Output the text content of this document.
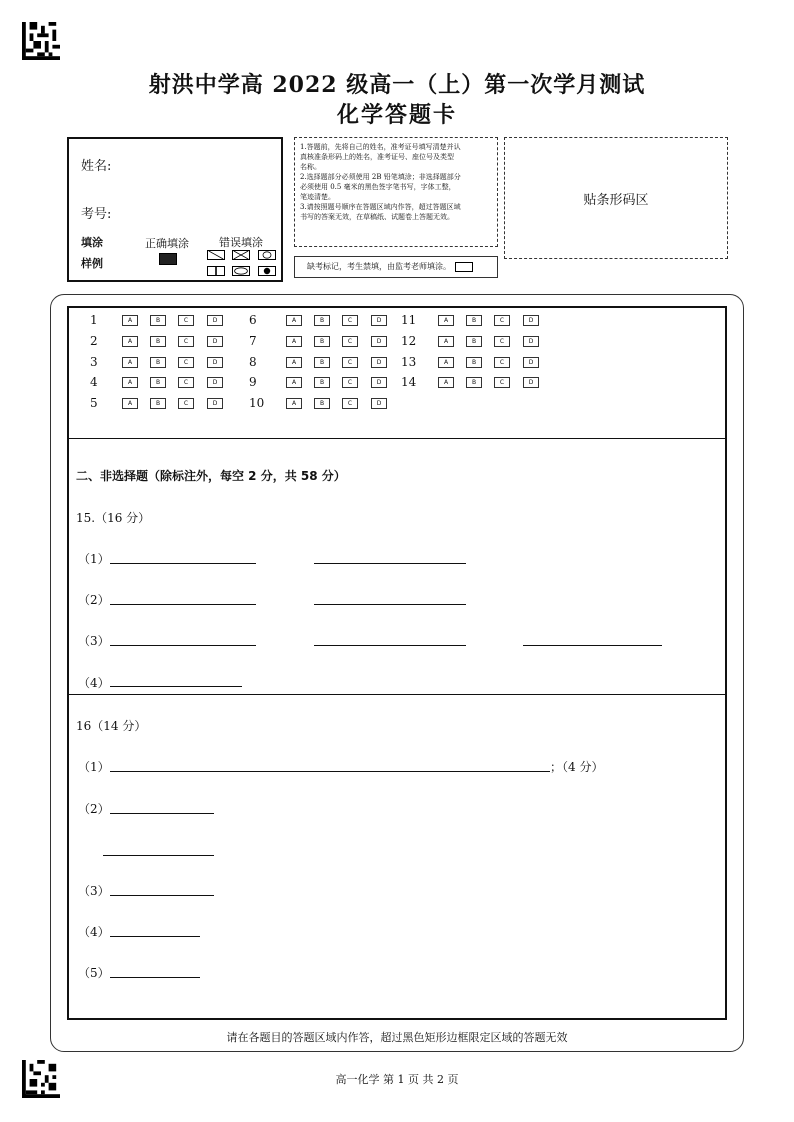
射洪中学高 2022 级高一（上）第一次学月测试
化学答题卡
姓名:
考号:
填涂
样例
正确填涂	错误填涂
1.答题前，先将自己的姓名，准考证号填写清楚并认
真核准条形码上的姓名，准考证号、座位号及类型
名称。
2.选择题部分必须使用 2B 铅笔填涂；非选择题部分
必须使用 0.5 毫米的黑色签字笔书写，字体工整，
笔迹清楚。
3.请按照题号顺序在答题区域内作答，超过答题区域
书写的答案无效，在草稿纸、试题卷上答题无效。
缺考标记，考生禁填，由监考老师填涂。
贴条形码区
1	A	B	C	D
2	A	B	C	D
3	A	B	C	D
4	A	B	C	D
5	A	B	C	D
6	A	B	C	D
7	A	B	C	D
8	A	B	C	D
9	A	B	C	D
10	A	B	C	D
11	A	B	C	D
12	A	B	C	D
13	A	B	C	D
14	A	B	C	D
二、非选择题（除标注外，每空 2 分，共 58 分）
15.（16 分）
（1）
（2）
（3）
（4）
16（14 分）
（1）	；（4 分）
（2）
（3）
（4）
（5）
请在各题目的答题区域内作答，超过黑色矩形边框限定区域的答题无效
高一化学 第 1 页 共 2 页
